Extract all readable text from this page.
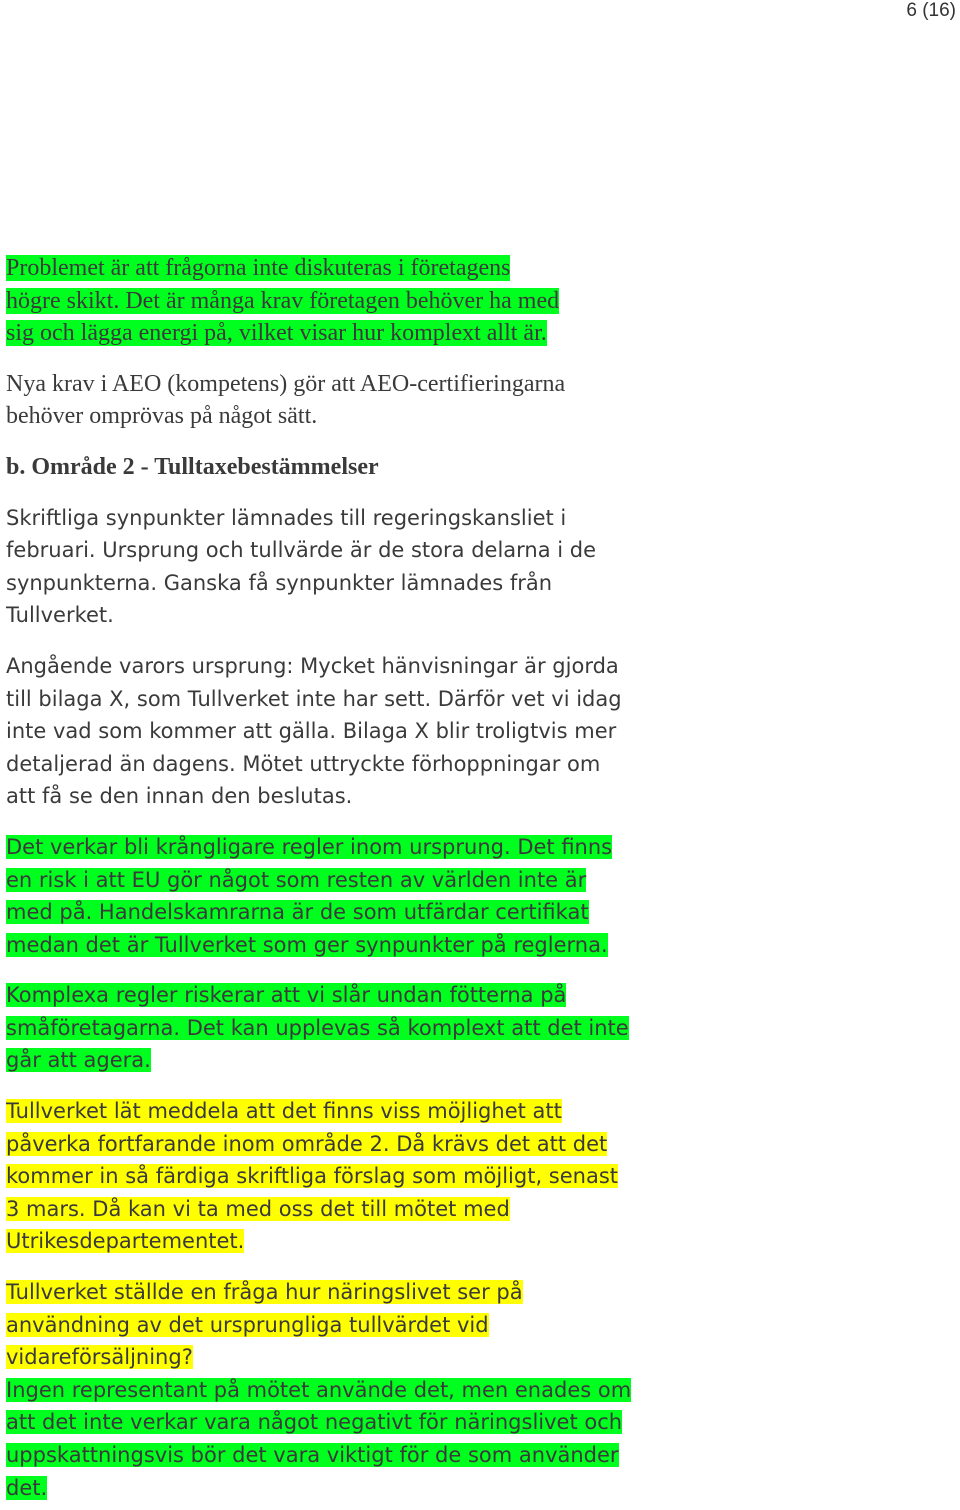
6 (16)
Problemet är att frågorna inte diskuteras i företagens
högre skikt. Det är många krav företagen behöver ha med
sig och lägga energi på, vilket visar hur komplext allt är.
Nya krav i AEO (kompetens) gör att AEO-certifieringarna
behöver omprövas på något sätt.
b. Område 2 - Tulltaxebestämmelser
Skriftliga synpunkter lämnades till regeringskansliet i
februari. Ursprung och tullvärde är de stora delarna i de
synpunkterna. Ganska få synpunkter lämnades från
Tullverket.
Angående varors ursprung: Mycket hänvisningar är gjorda
till bilaga X, som Tullverket inte har sett. Därför vet vi idag
inte vad som kommer att gälla. Bilaga X blir troligtvis mer
detaljerad än dagens. Mötet uttryckte förhoppningar om
att få se den innan den beslutas.
Det verkar bli krångligare regler inom ursprung. Det finns
en risk i att EU gör något som resten av världen inte är
med på. Handelskamrarna är de som utfärdar certifikat
medan det är Tullverket som ger synpunkter på reglerna.
Komplexa regler riskerar att vi slår undan fötterna på
småföretagarna. Det kan upplevas så komplext att det inte
går att agera.
Tullverket lät meddela att det finns viss möjlighet att
påverka fortfarande inom område 2. Då krävs det att det
kommer in så färdiga skriftliga förslag som möjligt, senast
3 mars. Då kan vi ta med oss det till mötet med
Utrikesdepartementet.
Tullverket ställde en fråga hur näringslivet ser på
användning av det ursprungliga tullvärdet vid
vidareförsäljning?
Ingen representant på mötet använde det, men enades om
att det inte verkar vara något negativt för näringslivet och
uppskattningsvis bör det vara viktigt för de som använder
det.
